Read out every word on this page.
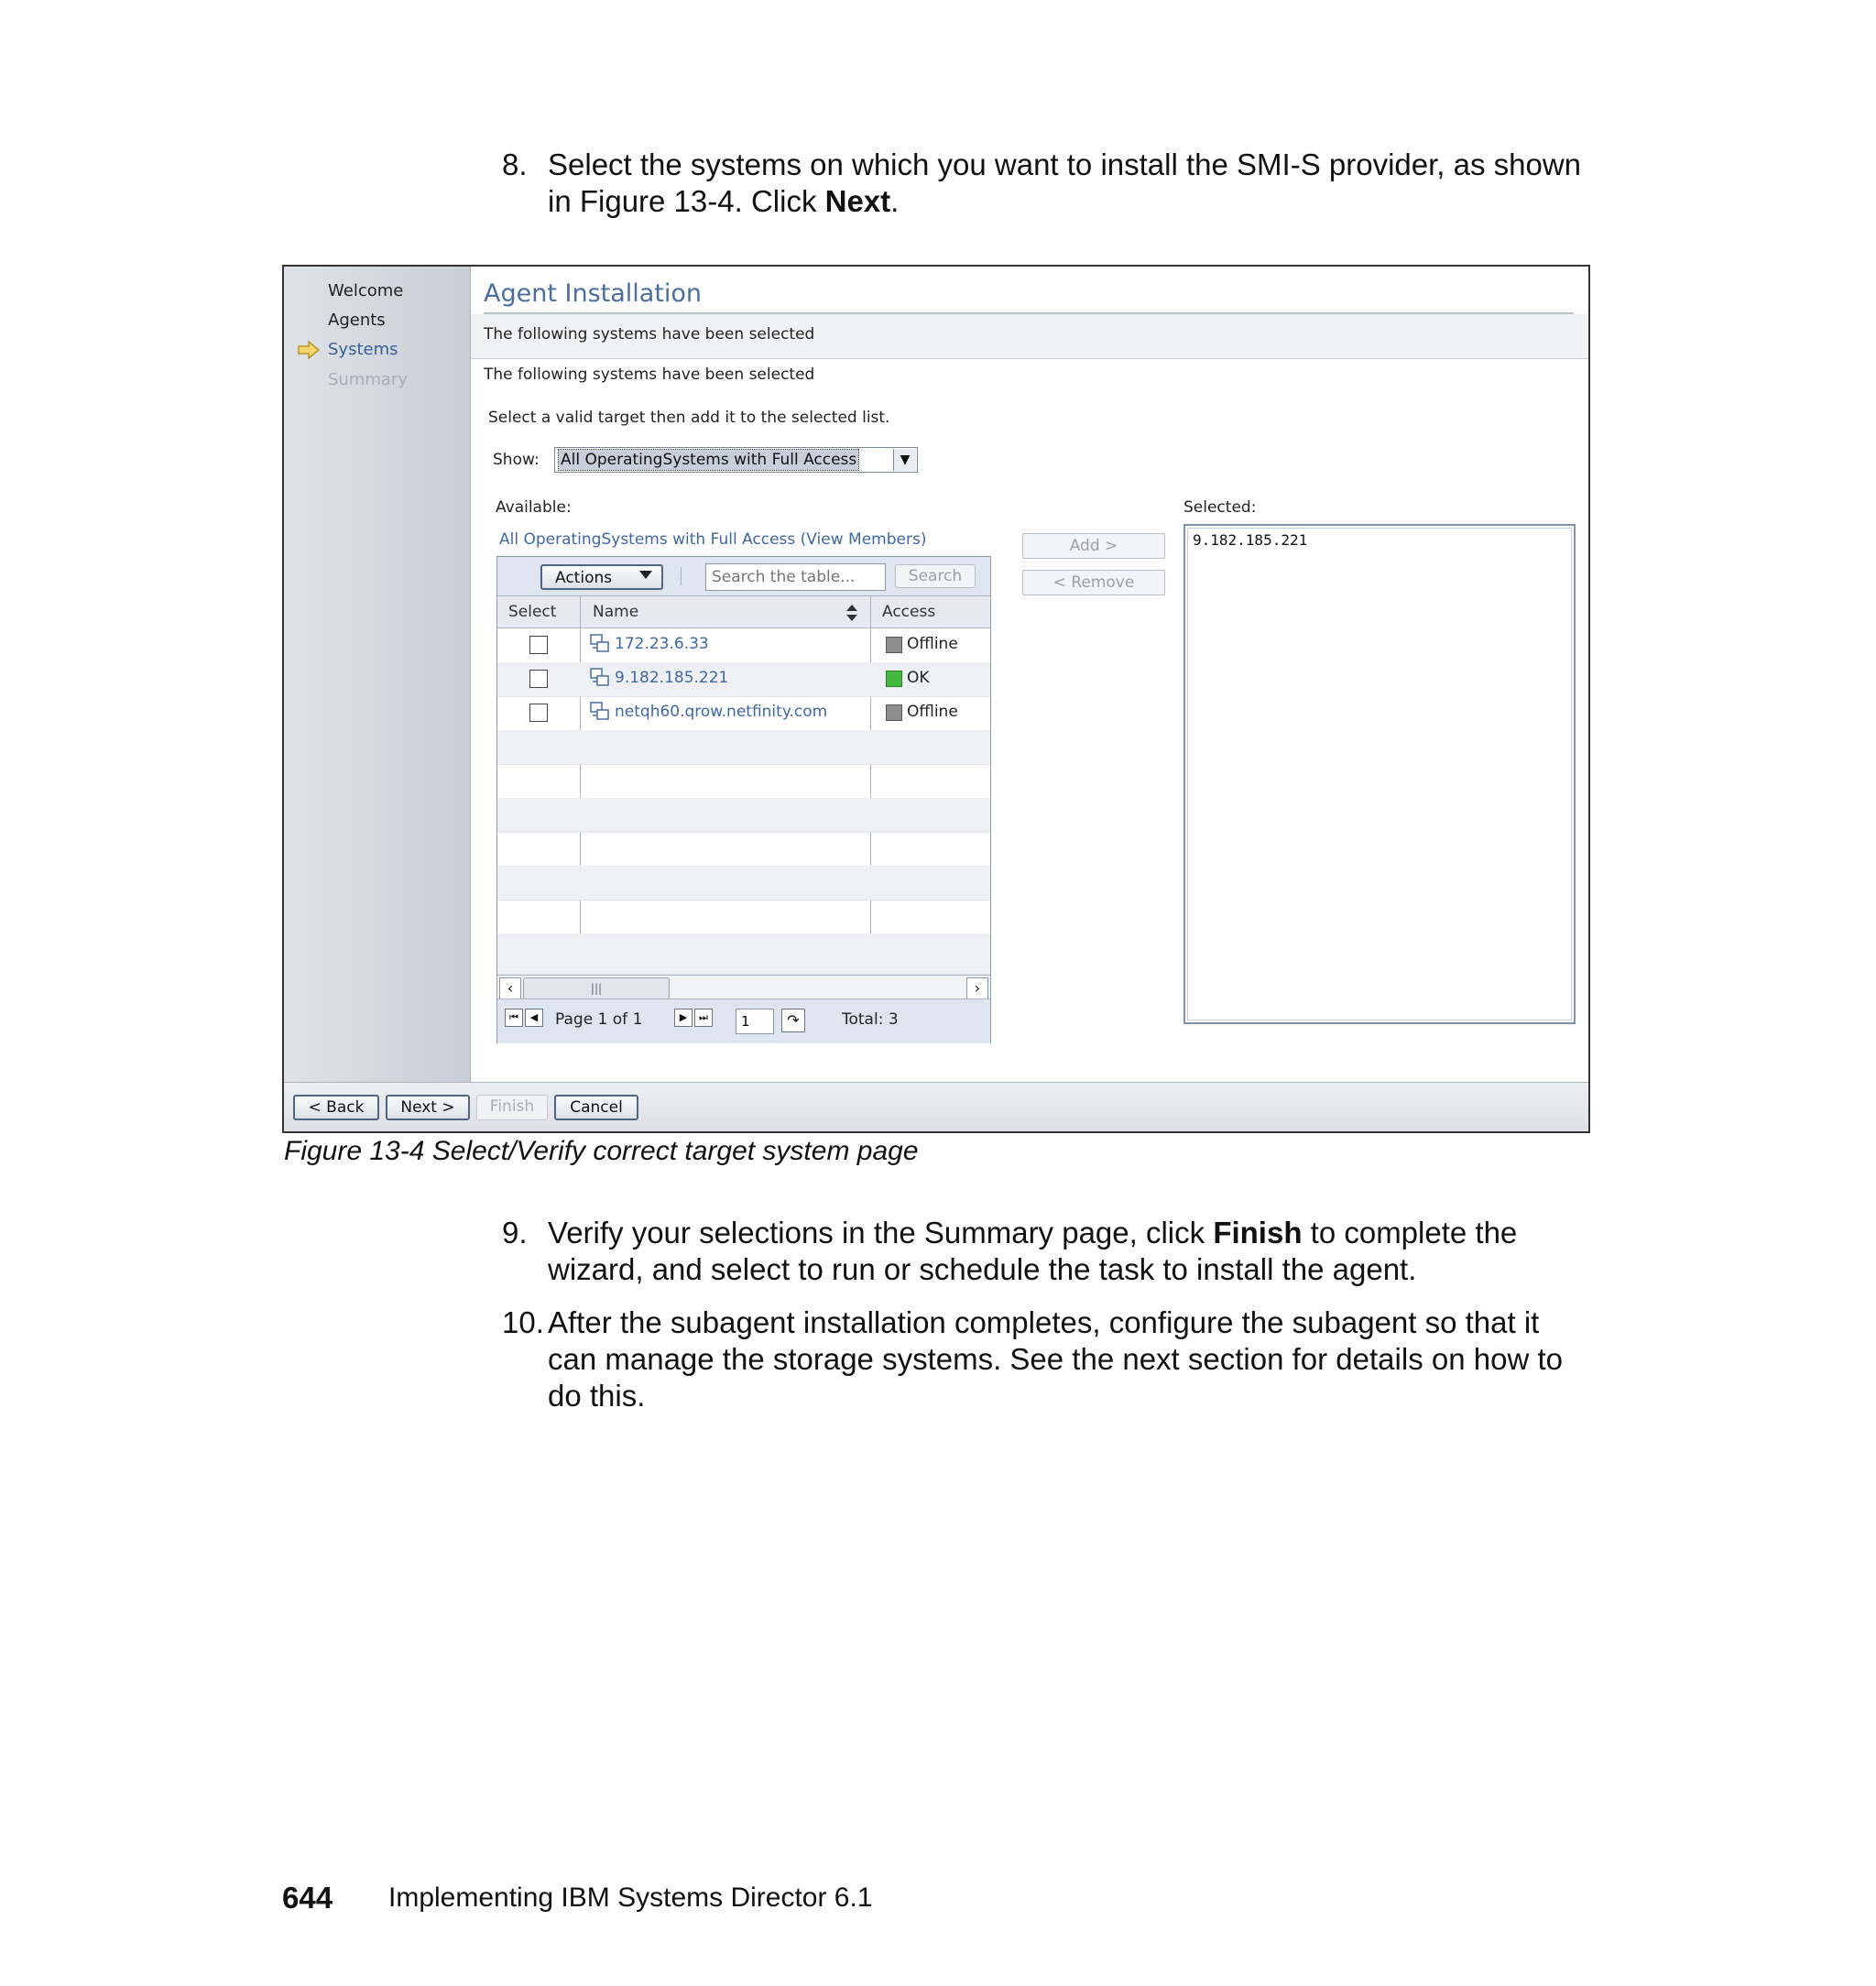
8. Select the systems on which you want to install the SMI-S provider, as shown in Figure 13-4. Click Next.
Welcome
Agents
Systems
Summary
Agent Installation
The following systems have been selected
The following systems have been selected
Select a valid target then add it to the selected list.
Show: All OperatingSystems with Full Access	▼
Available:
All OperatingSystems with Full Access (View Members)
Actions
Search the table...	Search
Select Name	Access
172.23.6.33	Offline
9.182.185.221	OK
netqh60.qrow.netfinity.com	Offline
‹	|||	›
⏮	◀	Page 1 of 1	▶	⏭
1	↷	Total: 3
Add >
< Remove
Selected:
9.182.185.221
< Back	Next >	Finish	Cancel
Figure 13-4 Select/Verify correct target system page
9. Verify your selections in the Summary page, click Finish to complete the wizard, and select to run or schedule the task to install the agent.
10. After the subagent installation completes, configure the subagent so that it can manage the storage systems. See the next section for details on how to do this.
644 Implementing IBM Systems Director 6.1
